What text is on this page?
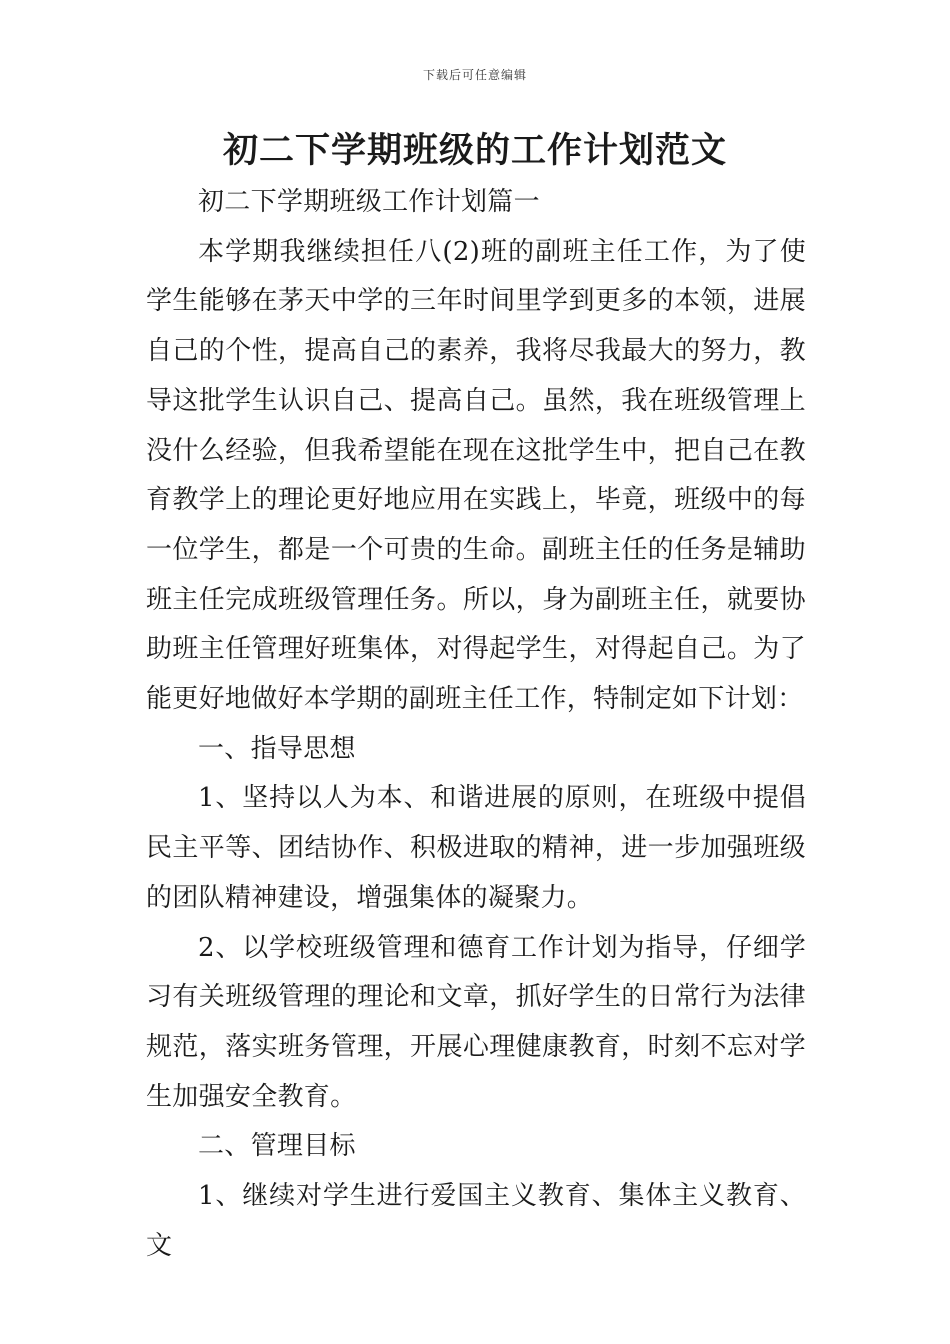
下载后可任意编辑
初二下学期班级的工作计划范文

初二下学期班级工作计划篇一

本学期我继续担任八(2)班的副班主任工作，为了使学生能够在茅天中学的三年时间里学到更多的本领，进展自己的个性，提高自己的素养，我将尽我最大的努力，教导这批学生认识自己、提高自己。虽然，我在班级管理上没什么经验，但我希望能在现在这批学生中，把自己在教育教学上的理论更好地应用在实践上，毕竟，班级中的每一位学生，都是一个可贵的生命。副班主任的任务是辅助班主任完成班级管理任务。所以，身为副班主任，就要协助班主任管理好班集体，对得起学生，对得起自己。为了能更好地做好本学期的副班主任工作，特制定如下计划：

一、指导思想

1、坚持以人为本、和谐进展的原则，在班级中提倡民主平等、团结协作、积极进取的精神，进一步加强班级的团队精神建设，增强集体的凝聚力。

2、以学校班级管理和德育工作计划为指导，仔细学习有关班级管理的理论和文章，抓好学生的日常行为法律规范，落实班务管理，开展心理健康教育，时刻不忘对学生加强安全教育。

二、管理目标

1、继续对学生进行爱国主义教育、集体主义教育、文
